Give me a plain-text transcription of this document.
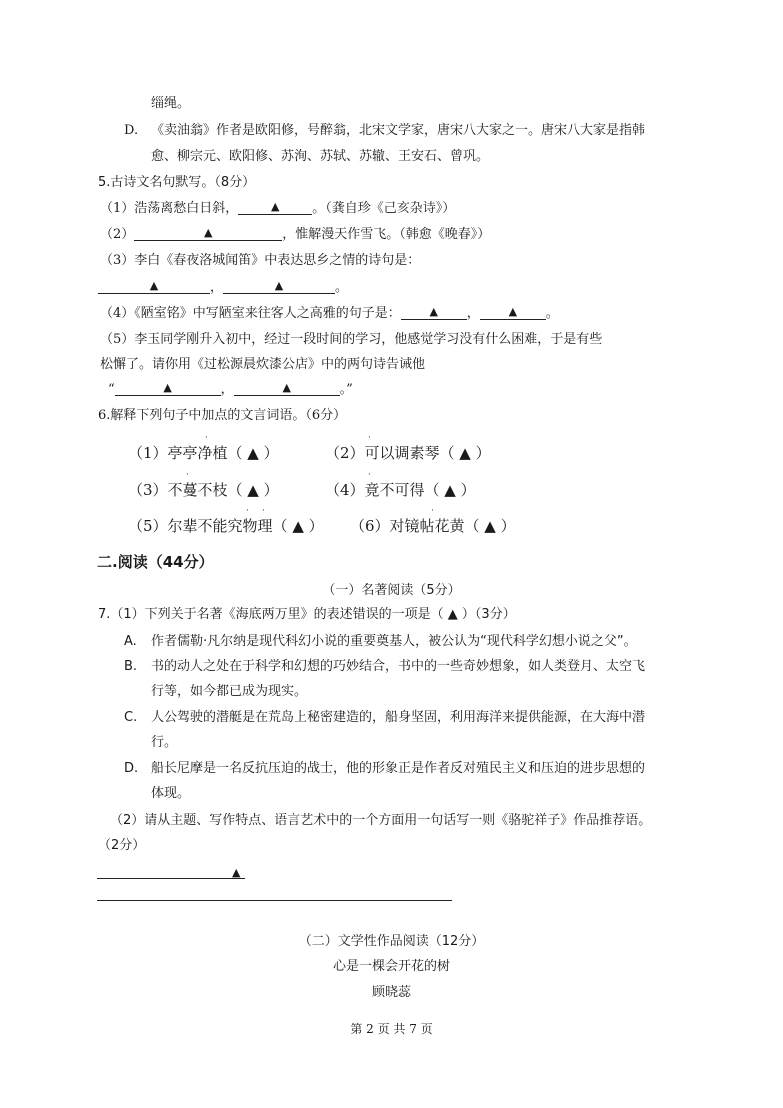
缁绳。
D. 《卖油翁》作者是欧阳修，号醉翁，北宋文学家，唐宋八大家之一。唐宋八大家是指韩
愈、柳宗元、欧阳修、苏洵、苏轼、苏辙、王安石、曾巩。
5.古诗文名句默写。（8分）
（1）浩荡离愁白日斜，	▲	。（龚自珍《己亥杂诗》）
（2）	▲	，惟解漫天作雪飞。（韩愈《晚春》）
（3）李白《春夜洛城闻笛》中表达思乡之情的诗句是：
▲	，	▲	。
（4）《陋室铭》中写陋室来往客人之高雅的句子是：	▲ ，	▲ 。
（5）李玉同学刚升入初中，经过一段时间的学习，他感觉学习没有什么困难，于是有些
松懈了。请你用《过松源晨炊漆公店》中的两句诗告诫他
“	▲	，	▲	。”
6.解释下列句子中加点的文言词语。（6分）
（1）亭亭净植（ ▲ ）	（2）可以调素琴（ ▲ ）
（3）不蔓不枝（ ▲ ）	（4）竟不可得（ ▲ ）
（5）尔辈不能究物理（ ▲ ） （6）对镜帖花黄（ ▲ ）
·	·
·	·
· ·	·
二.阅读（44分）
（一）名著阅读（5分）
7.（1）下列关于名著《海底两万里》的表述错误的一项是（ ▲ ）（3分）
A. 作者儒勒·凡尔纳是现代科幻小说的重要奠基人，被公认为“现代科学幻想小说之父”。
B. 书的动人之处在于科学和幻想的巧妙结合，书中的一些奇妙想象，如人类登月、太空飞
行等，如今都已成为现实。
C. 人公驾驶的潜艇是在荒岛上秘密建造的，船身坚固，利用海洋来提供能源，在大海中潜
行。
D. 船长尼摩是一名反抗压迫的战士，他的形象正是作者反对殖民主义和压迫的进步思想的
体现。
（2）请从主题、写作特点、语言艺术中的一个方面用一句话写一则《骆驼祥子》作品推荐语。
（2分）
▲
（二）文学性作品阅读（12分）
心是一棵会开花的树
顾晓蕊
第 2 页 共 7 页
